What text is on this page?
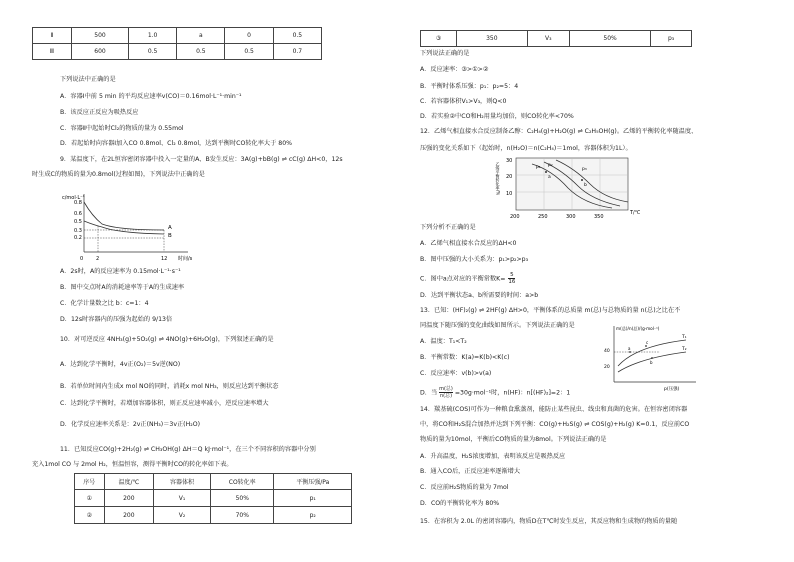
Ⅱ	500	1.0	a	0	0.5
Ⅲ	600	0.5	0.5	0.5	0.7
下列说法中正确的是
A．容器Ⅰ中前 5 min 的平均反应速率v(CO)＝0.16mol·L⁻¹·min⁻¹
B．该反应正反应为吸热反应
C．容器Ⅱ中起始时Cl₂的物质的量为 0.55mol
D．若起始时向容器Ⅰ加入CO 0.8mol、Cl₂ 0.8mol，达到平衡时CO转化率大于 80%
9．某温度下，在2L恒容密闭容器中投入一定量的A、B发生反应：3A(g)+bB(g) ⇌ cC(g) ΔH<0，12s
时生成C的物质的量为0.8mol(过程如图)，下列说法中正确的是
c/mol·L⁻¹
0.8
0.6
0.5
0.3
0.2
0	2	12 时间/s
A
B
A．2s时，A的反应速率为 0.15mol·L⁻¹·s⁻¹
B．图中交点时A的消耗速率等于A的生成速率
C．化学计量数之比 b：c=1：4
D．12s时容器内的压强为起始的 9/13倍
10．对可逆反应 4NH₃(g)+5O₂(g) ⇌ 4NO(g)+6H₂O(g)，下列叙述正确的是
A．达到化学平衡时，4v正(O₂)＝5v逆(NO)
B．若单位时间内生成x mol NO的同时，消耗x mol NH₃，则反应达到平衡状态
C．达到化学平衡时，若增加容器体积，则正反应速率减小，逆反应速率增大
D．化学反应速率关系是：2v正(NH₃)＝3v正(H₂O)
11．已知反应CO(g)+2H₂(g) ⇌ CH₃OH(g) ΔH＝Q kJ·mol⁻¹，在三个不同容积的容器中分别
充入1mol CO 与 2mol H₂，恒温恒容，测得平衡时CO的转化率如下表。
序号	温度/℃	容器体积	CO转化率	平衡压强/Pa
①	200	V₁	50%	p₁
②	200	V₂	70%	p₂
③	350	V₃	50%	p₃
下列说法正确的是
A．反应速率：③>①>②
B．平衡时体系压强：p₁：p₂=5：4
C．若容器体积V₁>V₃，则Q<0
D．若实验②中CO和H₂用量均加倍，则CO转化率<70%
12．乙烯气相直接水合反应制备乙醇：C₂H₄(g)+H₂O(g) ⇌ C₂H₅OH(g)。乙烯的平衡转化率随温度、
压强的变化关系如下（起始时，n(H₂O)＝n(C₂H₄)＝1mol，容器体积为1L）。
乙烯平衡转化率/%
30
20
10
200	250	300	350
T/℃
p₁ p₂
p₃
a
b
下列分析不正确的是
A．乙烯气相直接水合反应的ΔH<0
B．图中压强的大小关系为：p₁>p₂>p₃
C．图中a点对应的平衡常数$K= \frac{5}{16}$
D．达到平衡状态a、b所需要的时间：a>b
13．已知：(HF)₂(g) ⇌ 2HF(g) ΔH>0，平衡体系的总质量 m(总)与总物质的量 n(总)之比在不
同温度下随压强的变化曲线如图所示。下列说法正确的是
A．温度：T₁<T₂
B．平衡常数：K(a)=K(b)<K(c)
C．反应速率：v(b)>v(a)
D．当
m(总)
n(总) =30g·mol⁻¹时，n(HF)：n[(HF)₂]=2：1
m(总)/n(总)/(g·mol⁻¹)
40
20
p(压强)
T₁
T₂
a
b
c
14．羰基硫(COS)可作为一种粮食熏蒸剂，能防止某些昆虫、线虫和真菌的危害。在恒容密闭容器
中，将CO和H₂S混合加热并达到下列平衡：CO(g)+H₂S(g) ⇌ COS(g)+H₂(g) K=0.1，反应前CO
物质的量为10mol，平衡后CO物质的量为8mol。下列说法正确的是
A．升高温度，H₂S浓度增加，表明该反应是吸热反应
B．通入CO后，正反应速率逐渐增大
C．反应前H₂S物质的量为 7mol
D．CO的平衡转化率为 80%
15．在容积为 2.0L 的密闭容器内，物质D在T℃时发生反应，其反应物和生成物的物质的量随
